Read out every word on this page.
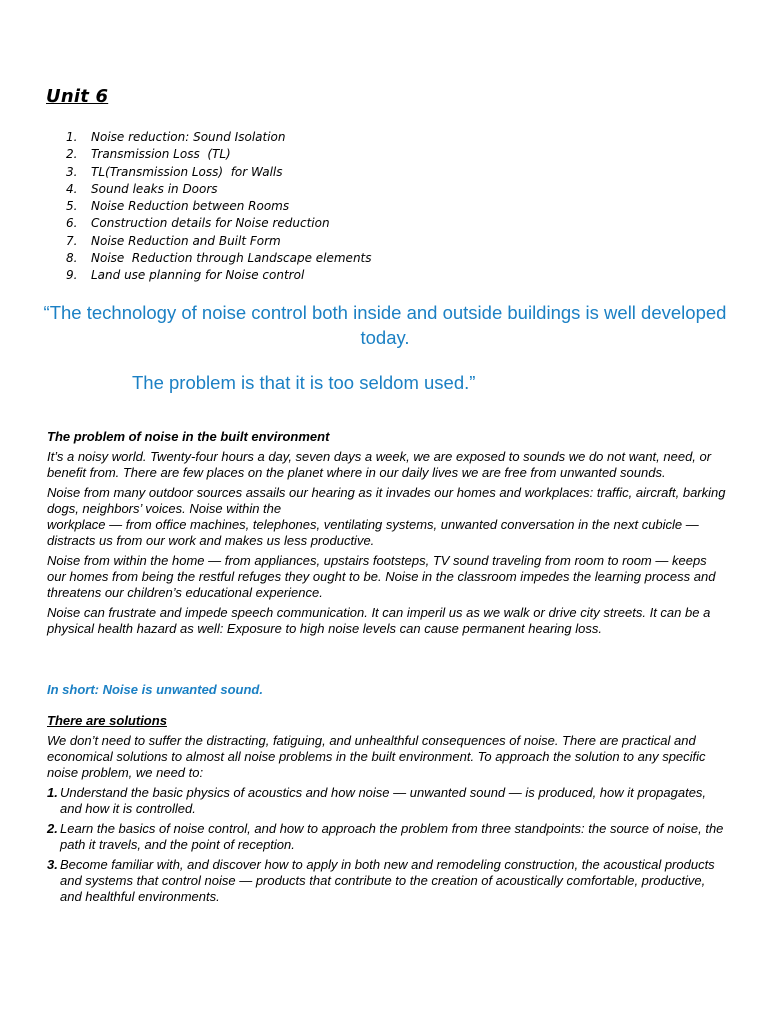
Unit 6
1.	Noise reduction: Sound Isolation
2.	Transmission Loss  (TL)
3.	TL(Transmission Loss)  for Walls
4.	Sound leaks in Doors
5.	Noise Reduction between Rooms
6.	Construction details for Noise reduction
7.	Noise Reduction and Built Form
8.	Noise  Reduction through Landscape elements
9.	Land use planning for Noise control

“The technology of noise control both inside and outside buildings is well developed today.

The problem is that it is too seldom used.”

The problem of noise in the built environment

It’s a noisy world. Twenty-four hours a day, seven days a week, we are exposed to sounds we do not want, need, or benefit from. There are few places on the planet where in our daily lives we are free from unwanted sounds.

Noise from many outdoor sources assails our hearing as it invades our homes and workplaces: traffic, aircraft, barking dogs, neighbors’ voices. Noise within the

workplace — from office machines, telephones, ventilating systems, unwanted conversation in the next cubicle — distracts us from our work and makes us less productive.

Noise from within the home — from appliances, upstairs footsteps, TV sound traveling from room to room — keeps our homes from being the restful refuges they ought to be. Noise in the classroom impedes the learning process and threatens our children’s educational experience.

Noise can frustrate and impede speech communication. It can imperil us as we walk or drive city streets. It can be a physical health hazard as well: Exposure to high noise levels can cause permanent hearing loss.

In short: Noise is unwanted sound.

There are solutions

We don’t need to suffer the distracting, fatiguing, and unhealthful consequences of noise. There are practical and economical solutions to almost all noise problems in the built environment. To approach the solution to any specific noise problem, we need to:

1. Understand the basic physics of acoustics and how noise — unwanted sound — is produced, how it propagates, and how it is controlled.
2. Learn the basics of noise control, and how to approach the problem from three standpoints: the source of noise, the path it travels, and the point of reception.
3. Become familiar with, and discover how to apply in both new and remodeling construction, the acoustical products and systems that control noise — products that contribute to the creation of acoustically comfortable, productive, and healthful environments.
